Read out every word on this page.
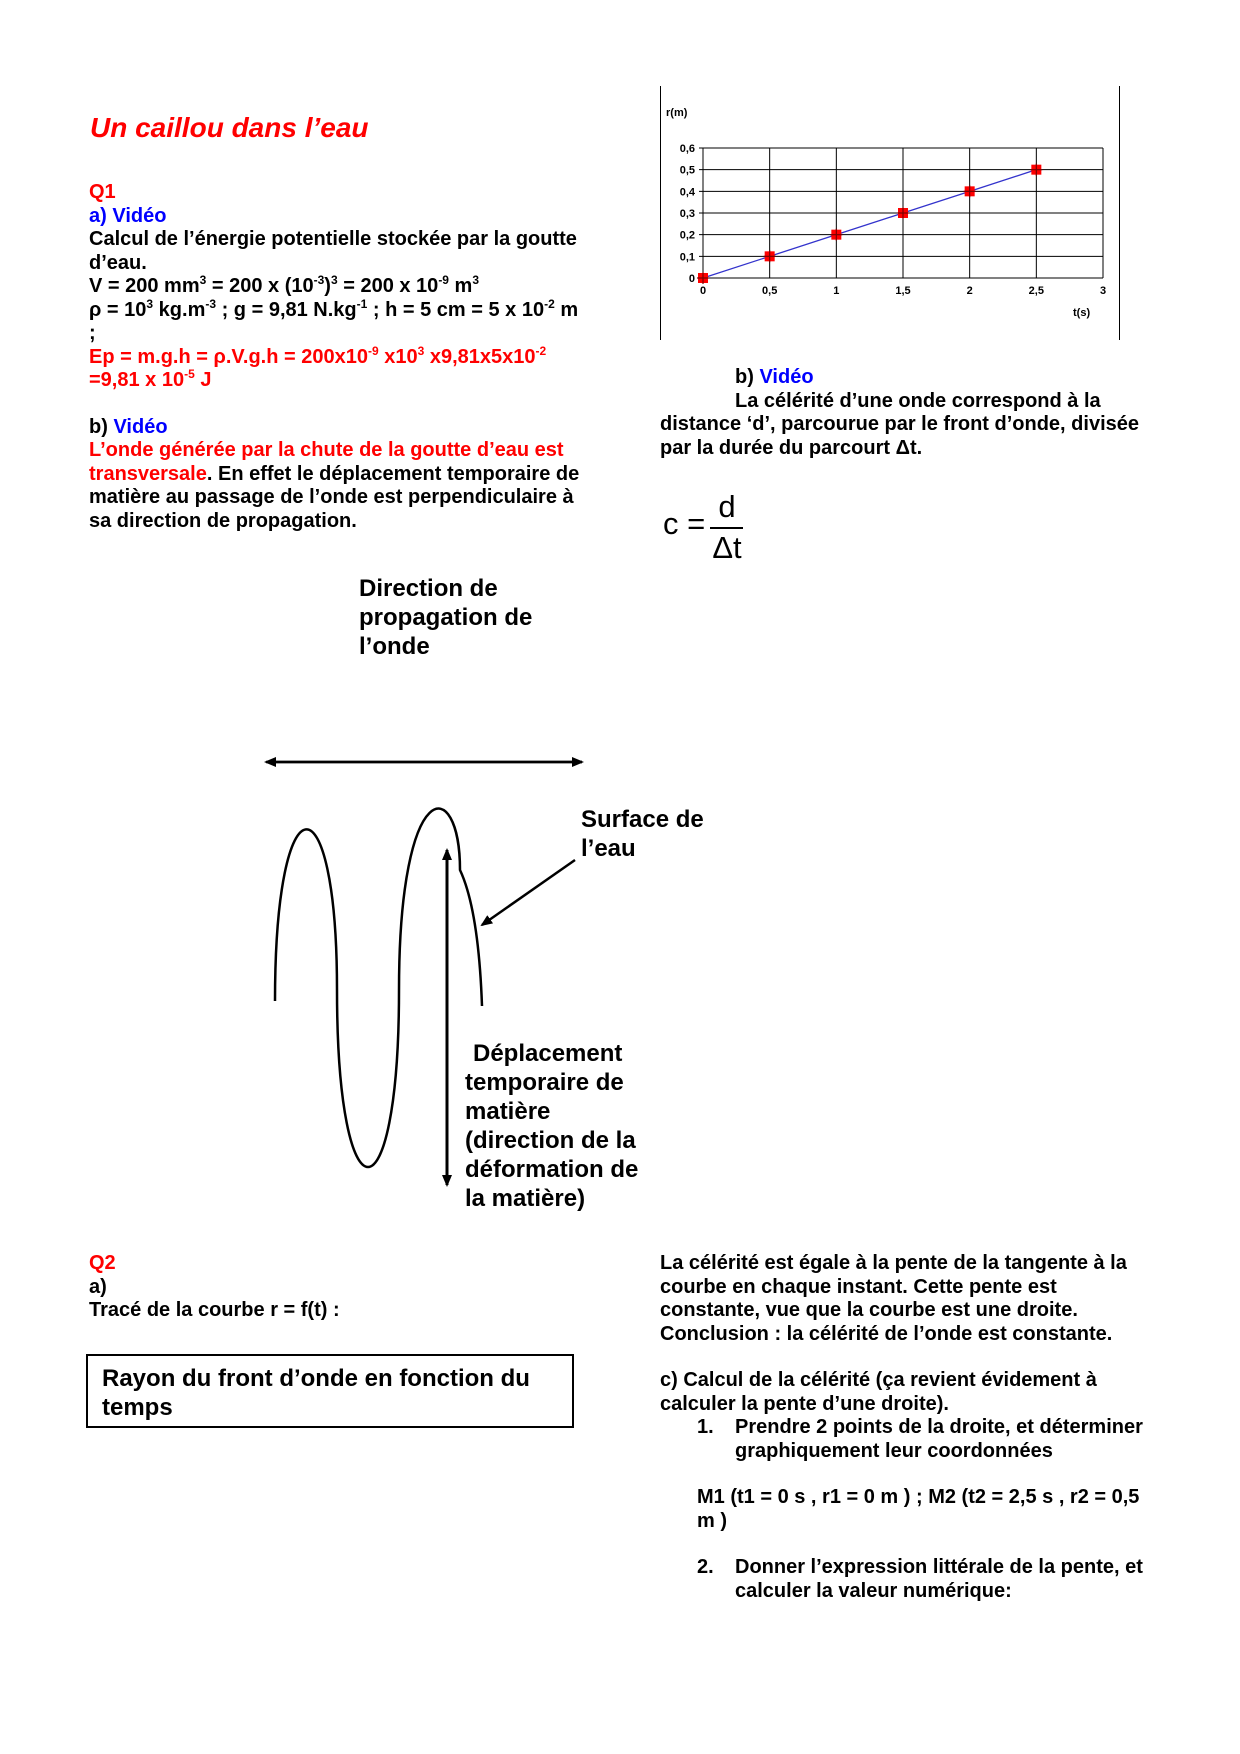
Un caillou dans l’eau
Q1
a) Vidéo
Calcul de l’énergie potentielle stockée par la goutte d’eau.
V = 200 $mm^3 = 200$ x $(10^{-3})^3 = 200$ x $10^{-9}$ $m^3$
$\rho = 10^3$ $kg.m^{-3}$ ; g = 9,81 $N.kg^{-1}$ ; h = 5 cm = 5 x $10^{-2}$ m ;
$Ep = m.g.h = \rho.V.g.h = 200x10^{-9}$ $x10^3$ $x9,81x5x10^{-2}$
=9,81 x $10^{-5}$ J
b) Vidéo
L’onde générée par la chute de la goutte d’eau est transversale. En effet le déplacement temporaire de matière au passage de l’onde est perpendiculaire à sa direction de propagation.
r(m)
0	0,5	1	1,5	2	2,5	3
0
0,1
0,2
0,3
0,4
0,5
0,6
t(s)
b) Vidéo
La célérité d’une onde correspond à la distance ‘d’, parcourue par le front d’onde, divisée par la durée du parcourt Δt.
c = d
Δt
Direction de propagation de l’onde
Surface de l’eau
Déplacement temporaire de matière (direction de la déformation de la matière)
Q2
a)
Tracé de la courbe r = f(t) :
Rayon du front d’onde en fonction du temps
La célérité est égale à la pente de la tangente à la courbe en chaque instant. Cette pente est constante, vue que la courbe est une droite.
Conclusion : la célérité de l’onde est constante.
c) Calcul de la célérité (ça revient évidement à calculer la pente d’une droite).
1. Prendre 2 points de la droite, et déterminer graphiquement leur coordonnées
M1 (t1 = 0 s , r1 = 0 m ) ; M2 (t2 = 2,5 s , r2 = 0,5 m )
2. Donner l’expression littérale de la pente, et calculer la valeur numérique:
